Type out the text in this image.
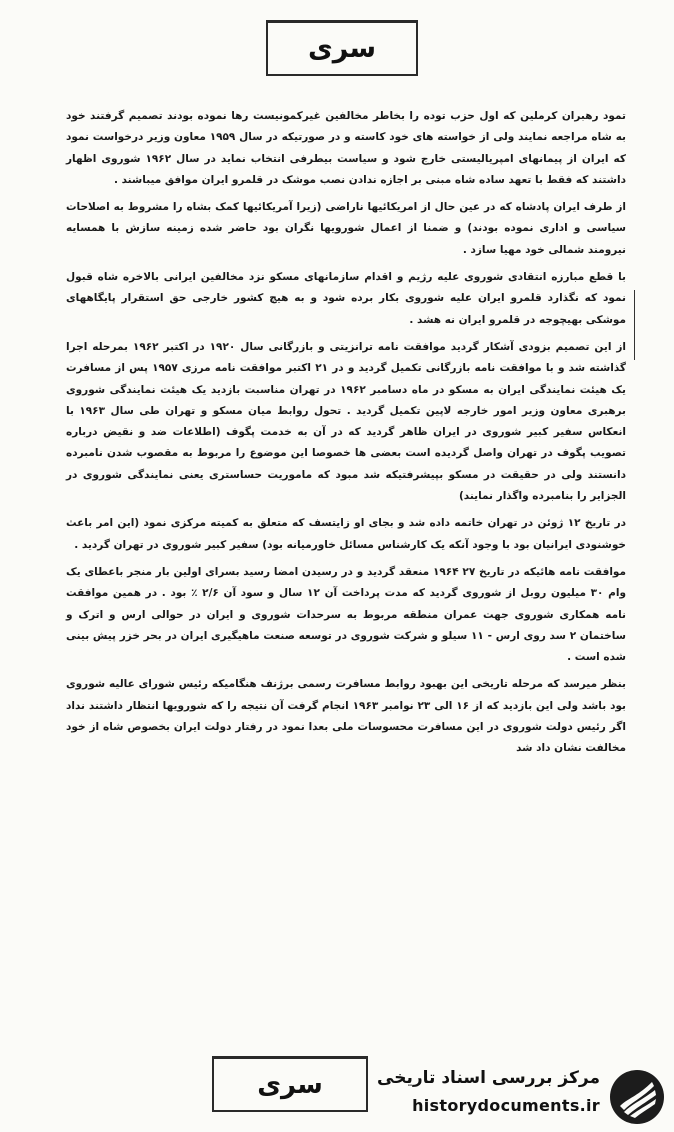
سری

تمود رهبران کرملین که اول حزب توده را بخاطر مخالفین غیرکمونیست رها نموده بودند تصمیم گرفتند خود به شاه مراجعه نمایند ولی از خواسته های خود کاسته و در صورتیکه در سال ۱۹۵۹ معاون وزیر درخواست نمود که ایران از پیمانهای امپریالیستی خارج شود و سیاست بیطرفی انتخاب نماید در سال ۱۹۶۲ شوروی اظهار داشتند که فقط با تعهد ساده شاه مبنی بر اجازه ندادن نصب موشک در قلمرو ایران موافق میباشند .

از طرف ایران پادشاه که در عین حال از امریکائیها ناراضی (زیرا آمریکائیها کمک بشاه را مشروط به اصلاحات سیاسی و اداری نموده بودند) و ضمنا از اعمال شورویها نگران بود حاضر شده زمینه سازش با همسایه نیرومند شمالی خود مهیا سازد .

با قطع مبارزه انتقادی شوروی علیه رژیم و اقدام سازمانهای مسکو نزد مخالفین ایرانی بالاخره شاه قبول نمود که نگذارد قلمرو ایران علیه شوروی بکار برده شود و به هیچ کشور خارجی حق استقرار پایگاههای موشکی بهیچوجه در قلمرو ایران نه هشد .

از این تصمیم بزودی آشکار گردید موافقت نامه ترانزیتی و بازرگانی سال ۱۹۲۰ در اکتبر ۱۹۶۲ بمرحله اجرا گذاشته شد و با موافقت نامه بازرگانی تکمیل گردید و در ۲۱ اکتبر موافقت نامه مرزی ۱۹۵۷ پس از مسافرت یک هیئت نمایندگی ایران به مسکو در ماه دسامبر ۱۹۶۲ در تهران مناسبت بازدید یک هیئت نمایندگی شوروی برهبری معاون وزیر امور خارجه لاپین تکمیل گردید . تحول روابط میان مسکو و تهران طی سال ۱۹۶۳ با انعکاس سفیر کبیر شوروی در ایران ظاهر گردید که در آن به خدمت پگوف (اطلاعات ضد و نقیض درباره تصویب پگوف در تهران واصل گردیده است بعضی ها خصوصا این موضوع را مربوط به مقصوب شدن نامبرده دانستند ولی در حقیقت در مسکو بپیشرفتیکه شد مبود که ماموریت حساستری یعنی نمایندگی شوروی در الجزایر را بنامبرده واگذار نمایند)

در تاریخ ۱۲ ژوئن در تهران خاتمه داده شد و بجای او زایتسف که متعلق به کمیته مرکزی نمود (این امر باعث خوشنودی ایرانیان بود با وجود آنکه یک کارشناس مسائل خاورمیانه بود) سفیر کبیر شوروی در تهران گردید .

موافقت نامه هائیکه در تاریخ ۲۷ ۱۹۶۴ منعقد گردید و در رسیدن امضا رسید بسرای اولین بار منجر باعطای یک وام ۳۰ میلیون روبل از شوروی گردید که مدت پرداخت آن ۱۲ سال و سود آن ۲/۶ ٪ بود . در همین موافقت نامه همکاری شوروی جهت عمران منطقه مربوط به سرحدات شوروی و ایران در حوالی ارس و اترک و ساختمان ۲ سد روی ارس - ۱۱ سیلو و شرکت شوروی در توسعه صنعت ماهیگیری ایران در بحر خزر پیش بینی شده است .

بنظر میرسد که مرحله تاریخی این بهبود روابط مسافرت رسمی برژنف هنگامیکه رئیس شورای عالیه شوروی بود باشد ولی این بازدید که از ۱۶ الی ۲۳ نوامبر ۱۹۶۳ انجام گرفت آن نتیجه را که شورویها انتظار داشتند نداد اگر رئیس دولت شوروی در این مسافرت محسوسات ملی بعدا نمود در رفتار دولت ایران بخصوص شاه از خود مخالفت نشان داد شد

سری	مرکز بررسی اسناد تاریخی
historydocuments.ir
